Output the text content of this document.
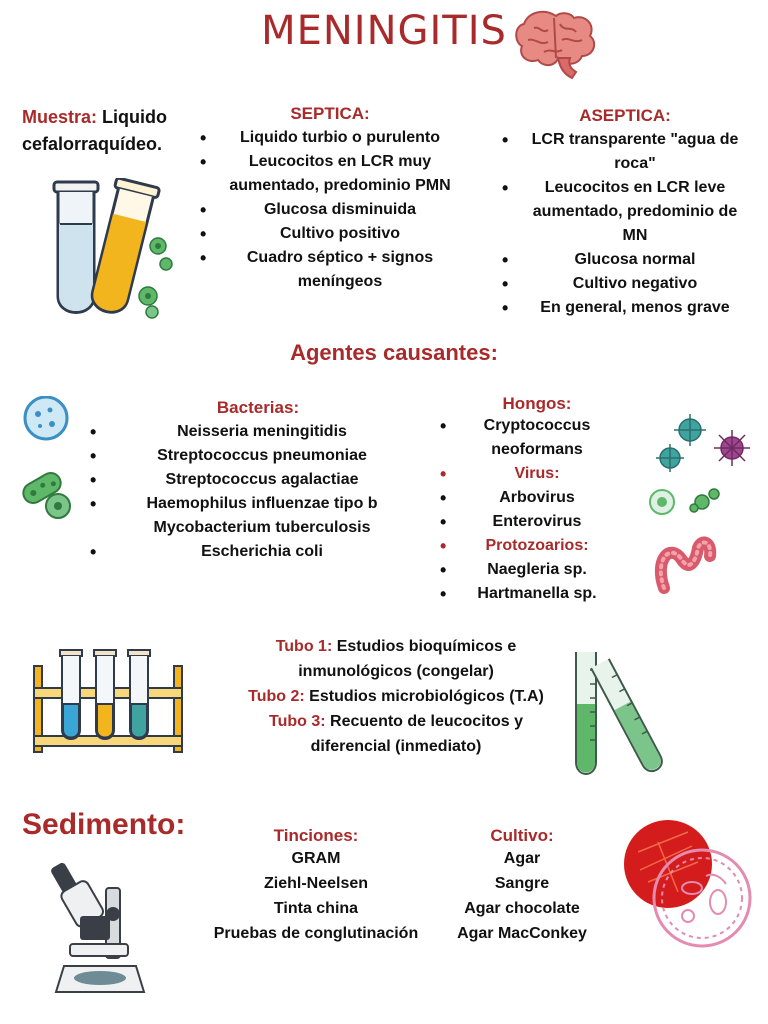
MENINGITIS
Muestra: Liquido cefalorraquídeo.
SEPTICA:
• Liquido turbio o purulento
• Leucocitos en LCR muy aumentado, predominio PMN
• Glucosa disminuida
• Cultivo positivo
• Cuadro séptico + signos meníngeos
ASEPTICA:
• LCR transparente "agua de roca"
• Leucocitos en LCR leve aumentado, predominio de MN
• Glucosa normal
• Cultivo negativo
• En general, menos grave
Agentes causantes:
Bacterias:
• Neisseria meningitidis
• Streptococcus pneumoniae
• Streptococcus agalactiae
• Haemophilus influenzae tipo b
Mycobacterium tuberculosis
• Escherichia coli
Hongos:
• Cryptococcus neoformans
• Virus:
• Arbovirus
• Enterovirus
• Protozoarios:
• Naegleria sp.
• Hartmanella sp.
Tubo 1: Estudios bioquímicos e inmunológicos (congelar)
Tubo 2: Estudios microbiológicos (T.A)
Tubo 3: Recuento de leucocitos y diferencial (inmediato)
Sedimento:	Tinciones:
GRAM
Ziehl-Neelsen
Tinta china
Pruebas de conglutinación
Cultivo:
Agar
Sangre
Agar chocolate
Agar MacConkey
